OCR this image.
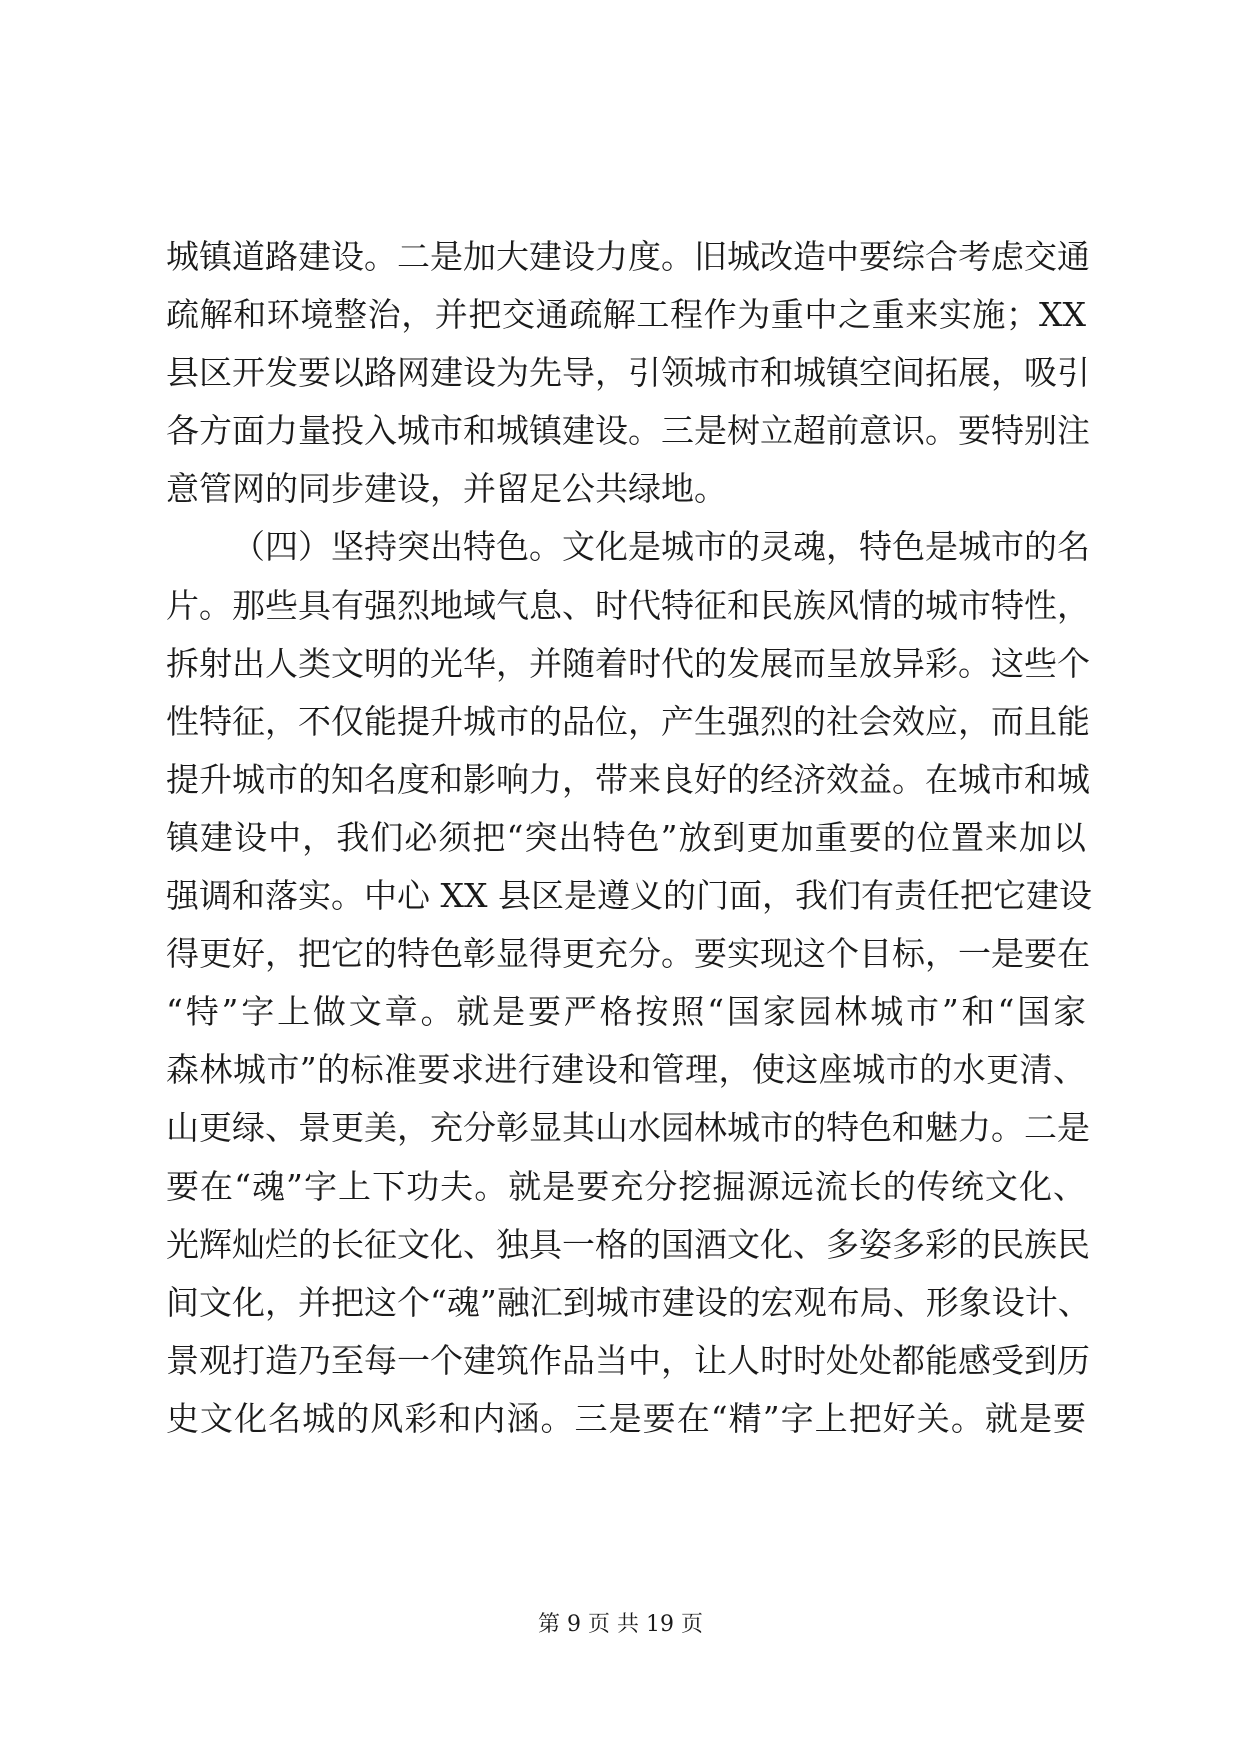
城镇道路建设。二是加大建设力度。旧城改造中要综合考虑交通
疏解和环境整治，并把交通疏解工程作为重中之重来实施；XX
县区开发要以路网建设为先导，引领城市和城镇空间拓展，吸引
各方面力量投入城市和城镇建设。三是树立超前意识。要特别注
意管网的同步建设，并留足公共绿地。
（四）坚持突出特色。文化是城市的灵魂，特色是城市的名
片。那些具有强烈地域气息、时代特征和民族风情的城市特性，
拆射出人类文明的光华，并随着时代的发展而呈放异彩。这些个
性特征，不仅能提升城市的品位，产生强烈的社会效应，而且能
提升城市的知名度和影响力，带来良好的经济效益。在城市和城
镇建设中，我们必须把“突出特色”放到更加重要的位置来加以
强调和落实。中心 XX 县区是遵义的门面，我们有责任把它建设
得更好，把它的特色彰显得更充分。要实现这个目标，一是要在
“特”字上做文章。就是要严格按照“国家园林城市”和“国家
森林城市”的标准要求进行建设和管理，使这座城市的水更清、
山更绿、景更美，充分彰显其山水园林城市的特色和魅力。二是
要在“魂”字上下功夫。就是要充分挖掘源远流长的传统文化、
光辉灿烂的长征文化、独具一格的国酒文化、多姿多彩的民族民
间文化，并把这个“魂”融汇到城市建设的宏观布局、形象设计、
景观打造乃至每一个建筑作品当中，让人时时处处都能感受到历
史文化名城的风彩和内涵。三是要在“精”字上把好关。就是要
第 9 页 共 19 页
